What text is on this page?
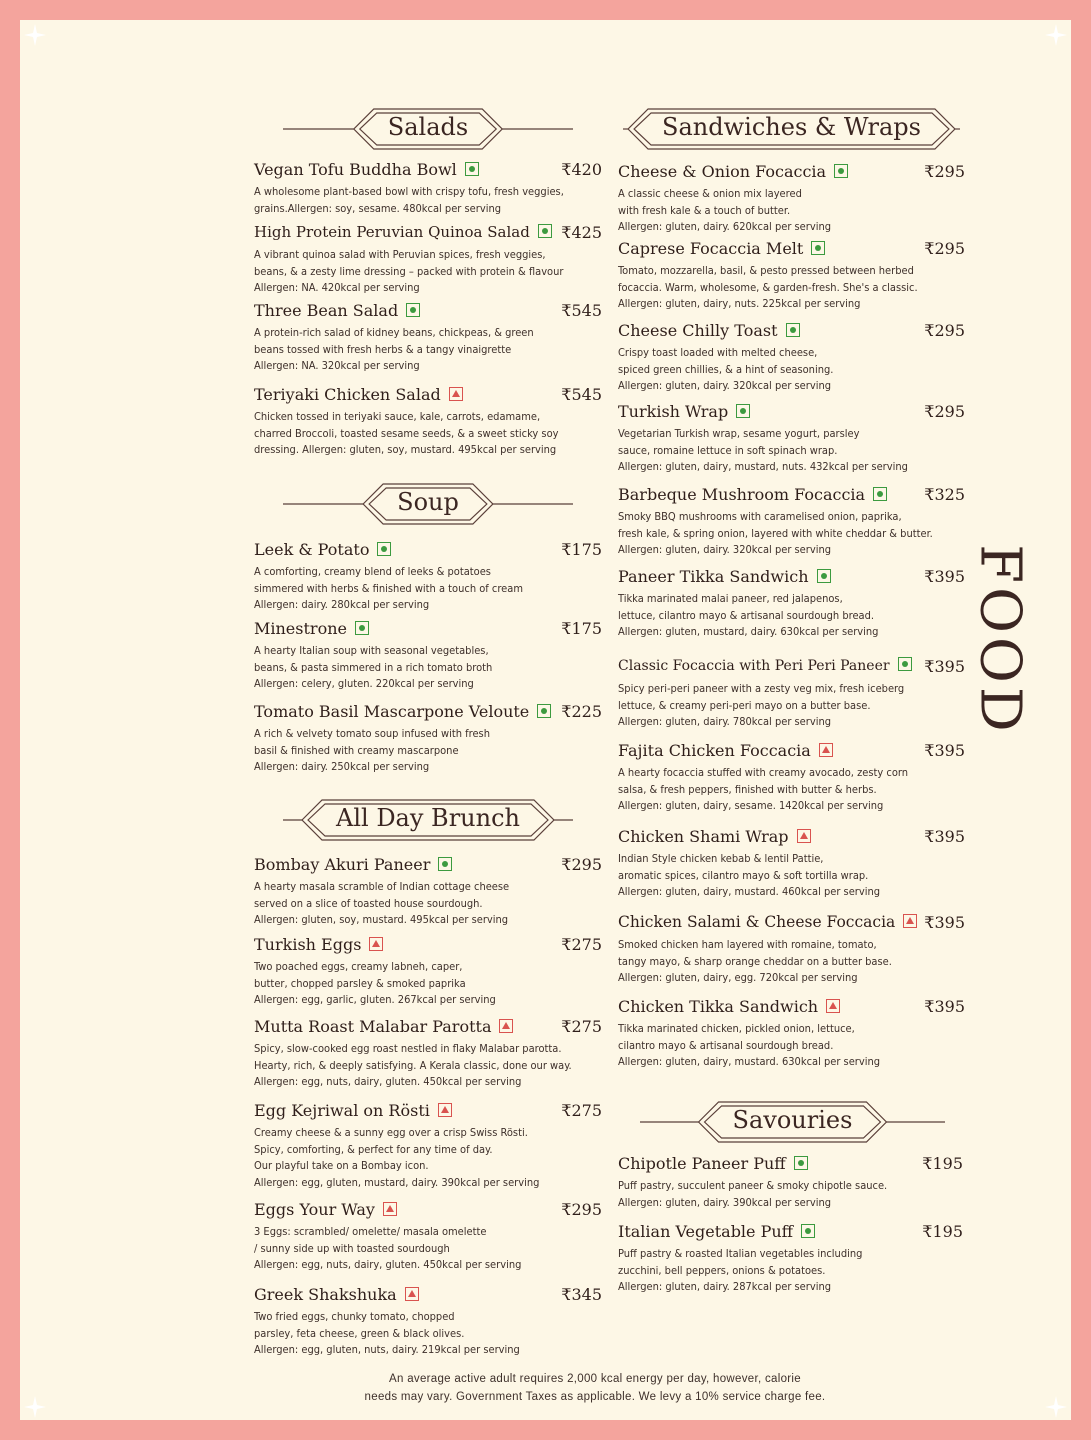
Salads
Soup
All Day Brunch
Sandwiches & Wraps
Savouries
Vegan Tofu Buddha Bowl	₹420
A wholesome plant-based bowl with crispy tofu, fresh veggies,
grains.Allergen: soy, sesame. 480kcal per serving
High Protein Peruvian Quinoa Salad ₹425
A vibrant quinoa salad with Peruvian spices, fresh veggies,
beans, & a zesty lime dressing – packed with protein & flavour
Allergen: NA. 420kcal per serving
Three Bean Salad	₹545
A protein-rich salad of kidney beans, chickpeas, & green
beans tossed with fresh herbs & a tangy vinaigrette
Allergen: NA. 320kcal per serving
Teriyaki Chicken Salad	₹545
Chicken tossed in teriyaki sauce, kale, carrots, edamame,
charred Broccoli, toasted sesame seeds, & a sweet sticky soy
dressing. Allergen: gluten, soy, mustard. 495kcal per serving
Leek & Potato	₹175
A comforting, creamy blend of leeks & potatoes
simmered with herbs & finished with a touch of cream
Allergen: dairy. 280kcal per serving
Minestrone	₹175
A hearty Italian soup with seasonal vegetables,
beans, & pasta simmered in a rich tomato broth
Allergen: celery, gluten. 220kcal per serving
Tomato Basil Mascarpone Veloute ₹225
A rich & velvety tomato soup infused with fresh
basil & finished with creamy mascarpone
Allergen: dairy. 250kcal per serving
Bombay Akuri Paneer	₹295
A hearty masala scramble of Indian cottage cheese
served on a slice of toasted house sourdough.
Allergen: gluten, soy, mustard. 495kcal per serving
Turkish Eggs	₹275
Two poached eggs, creamy labneh, caper,
butter, chopped parsley & smoked paprika
Allergen: egg, garlic, gluten. 267kcal per serving
Mutta Roast Malabar Parotta	₹275
Spicy, slow-cooked egg roast nestled in flaky Malabar parotta.
Hearty, rich, & deeply satisfying. A Kerala classic, done our way.
Allergen: egg, nuts, dairy, gluten. 450kcal per serving
Egg Kejriwal on Rösti	₹275
Creamy cheese & a sunny egg over a crisp Swiss Rösti.
Spicy, comforting, & perfect for any time of day.
Our playful take on a Bombay icon.
Allergen: egg, gluten, mustard, dairy. 390kcal per serving
Eggs Your Way	₹295
3 Eggs: scrambled/ omelette/ masala omelette
/ sunny side up with toasted sourdough
Allergen: egg, nuts, dairy, gluten. 450kcal per serving
Greek Shakshuka	₹345
Two fried eggs, chunky tomato, chopped
parsley, feta cheese, green & black olives.
Allergen: egg, gluten, nuts, dairy. 219kcal per serving
Cheese & Onion Focaccia	₹295
A classic cheese & onion mix layered
with fresh kale & a touch of butter.
Allergen: gluten, dairy. 620kcal per serving
Caprese Focaccia Melt	₹295
Tomato, mozzarella, basil, & pesto pressed between herbed
focaccia. Warm, wholesome, & garden-fresh. She's a classic.
Allergen: gluten, dairy, nuts. 225kcal per serving
Cheese Chilly Toast	₹295
Crispy toast loaded with melted cheese,
spiced green chillies, & a hint of seasoning.
Allergen: gluten, dairy. 320kcal per serving
Turkish Wrap	₹295
Vegetarian Turkish wrap, sesame yogurt, parsley
sauce, romaine lettuce in soft spinach wrap.
Allergen: gluten, dairy, mustard, nuts. 432kcal per serving
Barbeque Mushroom Focaccia	₹325
Smoky BBQ mushrooms with caramelised onion, paprika,
fresh kale, & spring onion, layered with white cheddar & butter.
Allergen: gluten, dairy. 320kcal per serving
Paneer Tikka Sandwich	₹395
Tikka marinated malai paneer, red jalapenos,
lettuce, cilantro mayo & artisanal sourdough bread.
Allergen: gluten, mustard, dairy. 630kcal per serving
Classic Focaccia with Peri Peri Paneer ₹395
Spicy peri-peri paneer with a zesty veg mix, fresh iceberg
lettuce, & creamy peri-peri mayo on a butter base.
Allergen: gluten, dairy. 780kcal per serving
Fajita Chicken Foccacia	₹395
A hearty focaccia stuffed with creamy avocado, zesty corn
salsa, & fresh peppers, finished with butter & herbs.
Allergen: gluten, dairy, sesame. 1420kcal per serving
Chicken Shami Wrap	₹395
Indian Style chicken kebab & lentil Pattie,
aromatic spices, cilantro mayo & soft tortilla wrap.
Allergen: gluten, dairy, mustard. 460kcal per serving
Chicken Salami & Cheese Foccacia ₹395
Smoked chicken ham layered with romaine, tomato,
tangy mayo, & sharp orange cheddar on a butter base.
Allergen: gluten, dairy, egg. 720kcal per serving
Chicken Tikka Sandwich	₹395
Tikka marinated chicken, pickled onion, lettuce,
cilantro mayo & artisanal sourdough bread.
Allergen: gluten, dairy, mustard. 630kcal per serving
Chipotle Paneer Puff	₹195
Puff pastry, succulent paneer & smoky chipotle sauce.
Allergen: gluten, dairy. 390kcal per serving
Italian Vegetable Puff	₹195
Puff pastry & roasted Italian vegetables including
zucchini, bell peppers, onions & potatoes.
Allergen: gluten, dairy. 287kcal per serving
FOOD
An average active adult requires 2,000 kcal energy per day, however, calorie
needs may vary. Government Taxes as applicable. We levy a 10% service charge fee.
